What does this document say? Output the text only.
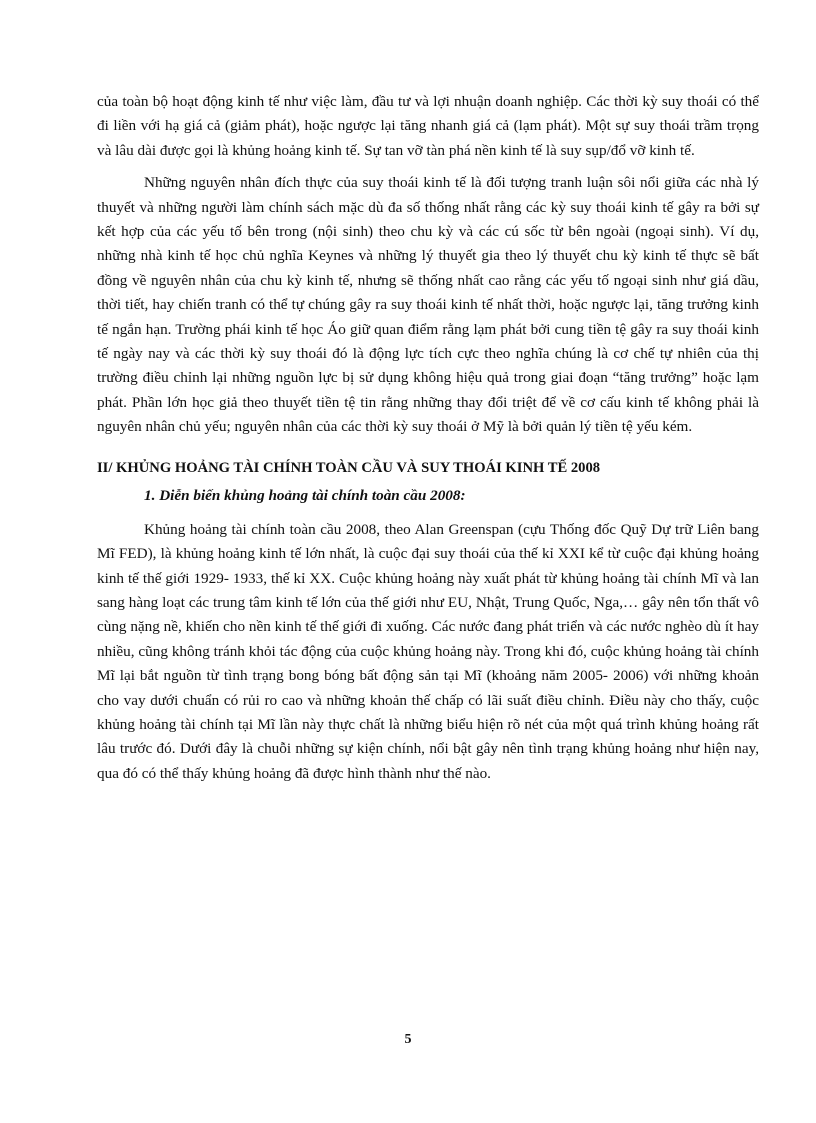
của toàn bộ hoạt động kinh tế như việc làm, đầu tư và lợi nhuận doanh nghiệp. Các thời kỳ suy thoái có thể đi liền với hạ giá cả (giảm phát), hoặc ngược lại tăng nhanh giá cả (lạm phát). Một sự suy thoái trầm trọng và lâu dài được gọi là khủng hoảng kinh tế. Sự tan vỡ tàn phá nền kinh tế là suy sụp/đổ vỡ kinh tế.

Những nguyên nhân đích thực của suy thoái kinh tế là đối tượng tranh luận sôi nổi giữa các nhà lý thuyết và những người làm chính sách mặc dù đa số thống nhất rằng các kỳ suy thoái kinh tế gây ra bởi sự kết hợp của các yếu tố bên trong (nội sinh) theo chu kỳ và các cú sốc từ bên ngoài (ngoại sinh). Ví dụ, những nhà kinh tế học chủ nghĩa Keynes và những lý thuyết gia theo lý thuyết chu kỳ kinh tế thực sẽ bất đồng về nguyên nhân của chu kỳ kinh tế, nhưng sẽ thống nhất cao rằng các yếu tố ngoại sinh như giá dầu, thời tiết, hay chiến tranh có thể tự chúng gây ra suy thoái kinh tế nhất thời, hoặc ngược lại, tăng trưởng kinh tế ngắn hạn. Trường phái kinh tế học Áo giữ quan điểm rằng lạm phát bởi cung tiền tệ gây ra suy thoái kinh tế ngày nay và các thời kỳ suy thoái đó là động lực tích cực theo nghĩa chúng là cơ chế tự nhiên của thị trường điều chỉnh lại những nguồn lực bị sử dụng không hiệu quả trong giai đoạn “tăng trưởng” hoặc lạm phát. Phần lớn học giả theo thuyết tiền tệ tin rằng những thay đổi triệt để về cơ cấu kinh tế không phải là nguyên nhân chủ yếu; nguyên nhân của các thời kỳ suy thoái ở Mỹ là bởi quản lý tiền tệ yếu kém.

II/ KHỦNG HOẢNG TÀI CHÍNH TOÀN CẦU VÀ SUY THOÁI KINH TẾ 2008
1. Diễn biến khủng hoảng tài chính toàn cầu 2008:

Khủng hoảng tài chính toàn cầu 2008, theo Alan Greenspan (cựu Thống đốc Quỹ Dự trữ Liên bang Mĩ FED), là khủng hoảng kinh tế lớn nhất, là cuộc đại suy thoái của thế kỉ XXI kể từ cuộc đại khủng hoảng kinh tế thế giới 1929- 1933, thế kỉ XX. Cuộc khủng hoảng này xuất phát từ khủng hoảng tài chính Mĩ và lan sang hàng loạt các trung tâm kinh tế lớn của thế giới như EU, Nhật, Trung Quốc, Nga,… gây nên tổn thất vô cùng nặng nề, khiến cho nền kinh tế thế giới đi xuống. Các nước đang phát triển và các nước nghèo dù ít hay nhiều, cũng không tránh khỏi tác động của cuộc khủng hoảng này. Trong khi đó, cuộc khủng hoảng tài chính Mĩ lại bắt nguồn từ tình trạng bong bóng bất động sản tại Mĩ (khoảng năm 2005- 2006) với những khoản cho vay dưới chuẩn có rủi ro cao và những khoản thế chấp có lãi suất điều chỉnh. Điều này cho thấy, cuộc khủng hoảng tài chính tại Mĩ lần này thực chất là những biểu hiện rõ nét của một quá trình khủng hoảng rất lâu trước đó. Dưới đây là chuỗi những sự kiện chính, nổi bật gây nên tình trạng khủng hoảng như hiện nay, qua đó có thể thấy khủng hoảng đã được hình thành như thế nào.

5
